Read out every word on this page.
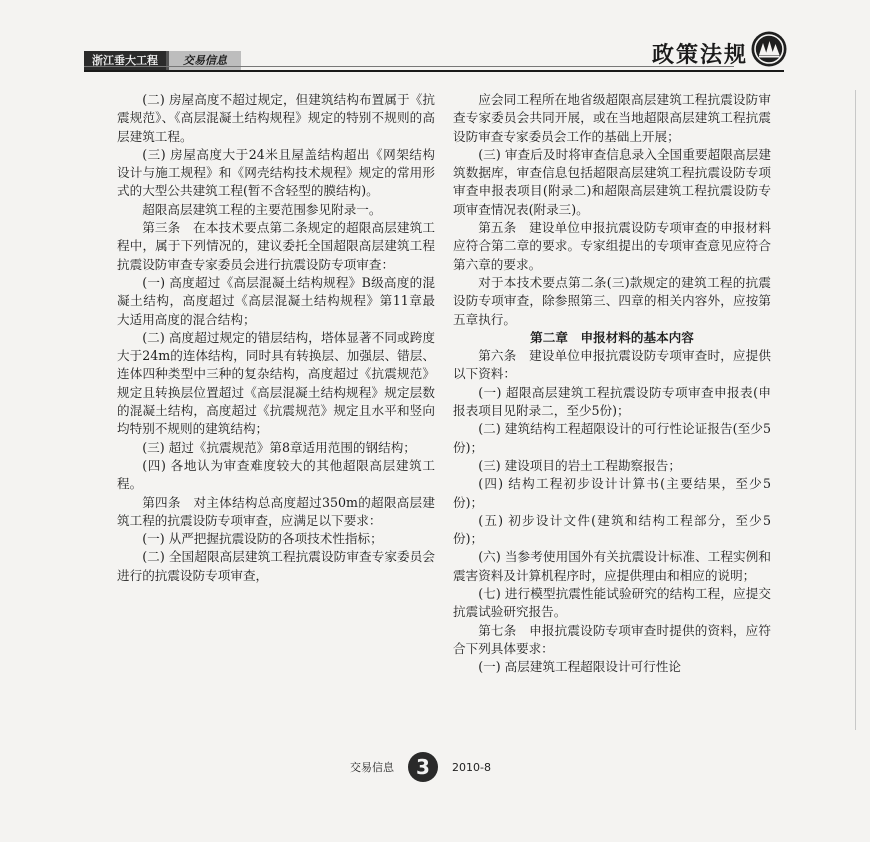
浙江垂大工程	交易信息	政策法规

(二) 房屋高度不超过规定，但建筑结构布置属于《抗震规范》、《高层混凝土结构规程》规定的特别不规则的高层建筑工程。

(三) 房屋高度大于24米且屋盖结构超出《网架结构设计与施工规程》和《网壳结构技术规程》规定的常用形式的大型公共建筑工程(暂不含轻型的膜结构)。

超限高层建筑工程的主要范围参见附录一。

第三条　在本技术要点第二条规定的超限高层建筑工程中，属于下列情况的，建议委托全国超限高层建筑工程抗震设防审查专家委员会进行抗震设防专项审查：

(一) 高度超过《高层混凝土结构规程》B级高度的混凝土结构，高度超过《高层混凝土结构规程》第11章最大适用高度的混合结构；

(二) 高度超过规定的错层结构，塔体显著不同或跨度大于24m的连体结构，同时具有转换层、加强层、错层、连体四种类型中三种的复杂结构，高度超过《抗震规范》规定且转换层位置超过《高层混凝土结构规程》规定层数的混凝土结构，高度超过《抗震规范》规定且水平和竖向均特别不规则的建筑结构；

(三) 超过《抗震规范》第8章适用范围的钢结构；

(四) 各地认为审查难度较大的其他超限高层建筑工程。

第四条　对主体结构总高度超过350m的超限高层建筑工程的抗震设防专项审查，应满足以下要求：

(一) 从严把握抗震设防的各项技术性指标；

(二) 全国超限高层建筑工程抗震设防审查专家委员会进行的抗震设防专项审查，

应会同工程所在地省级超限高层建筑工程抗震设防审查专家委员会共同开展，或在当地超限高层建筑工程抗震设防审查专家委员会工作的基础上开展；

(三) 审查后及时将审查信息录入全国重要超限高层建筑数据库，审查信息包括超限高层建筑工程抗震设防专项审查申报表项目(附录二)和超限高层建筑工程抗震设防专项审查情况表(附录三)。

第五条　建设单位申报抗震设防专项审查的申报材料应符合第二章的要求。专家组提出的专项审查意见应符合第六章的要求。

对于本技术要点第二条(三)款规定的建筑工程的抗震设防专项审查，除参照第三、四章的相关内容外，应按第五章执行。

第二章　申报材料的基本内容

第六条　建设单位申报抗震设防专项审查时，应提供以下资料：

(一) 超限高层建筑工程抗震设防专项审查申报表(申报表项目见附录二，至少5份)；

(二) 建筑结构工程超限设计的可行性论证报告(至少5份)；

(三) 建设项目的岩土工程勘察报告；

(四) 结构工程初步设计计算书(主要结果，至少5份)；

(五) 初步设计文件(建筑和结构工程部分，至少5份)；

(六) 当参考使用国外有关抗震设计标准、工程实例和震害资料及计算机程序时，应提供理由和相应的说明；

(七) 进行模型抗震性能试验研究的结构工程，应提交抗震试验研究报告。

第七条　申报抗震设防专项审查时提供的资料，应符合下列具体要求：

(一) 高层建筑工程超限设计可行性论

交易信息	3	2010-8
